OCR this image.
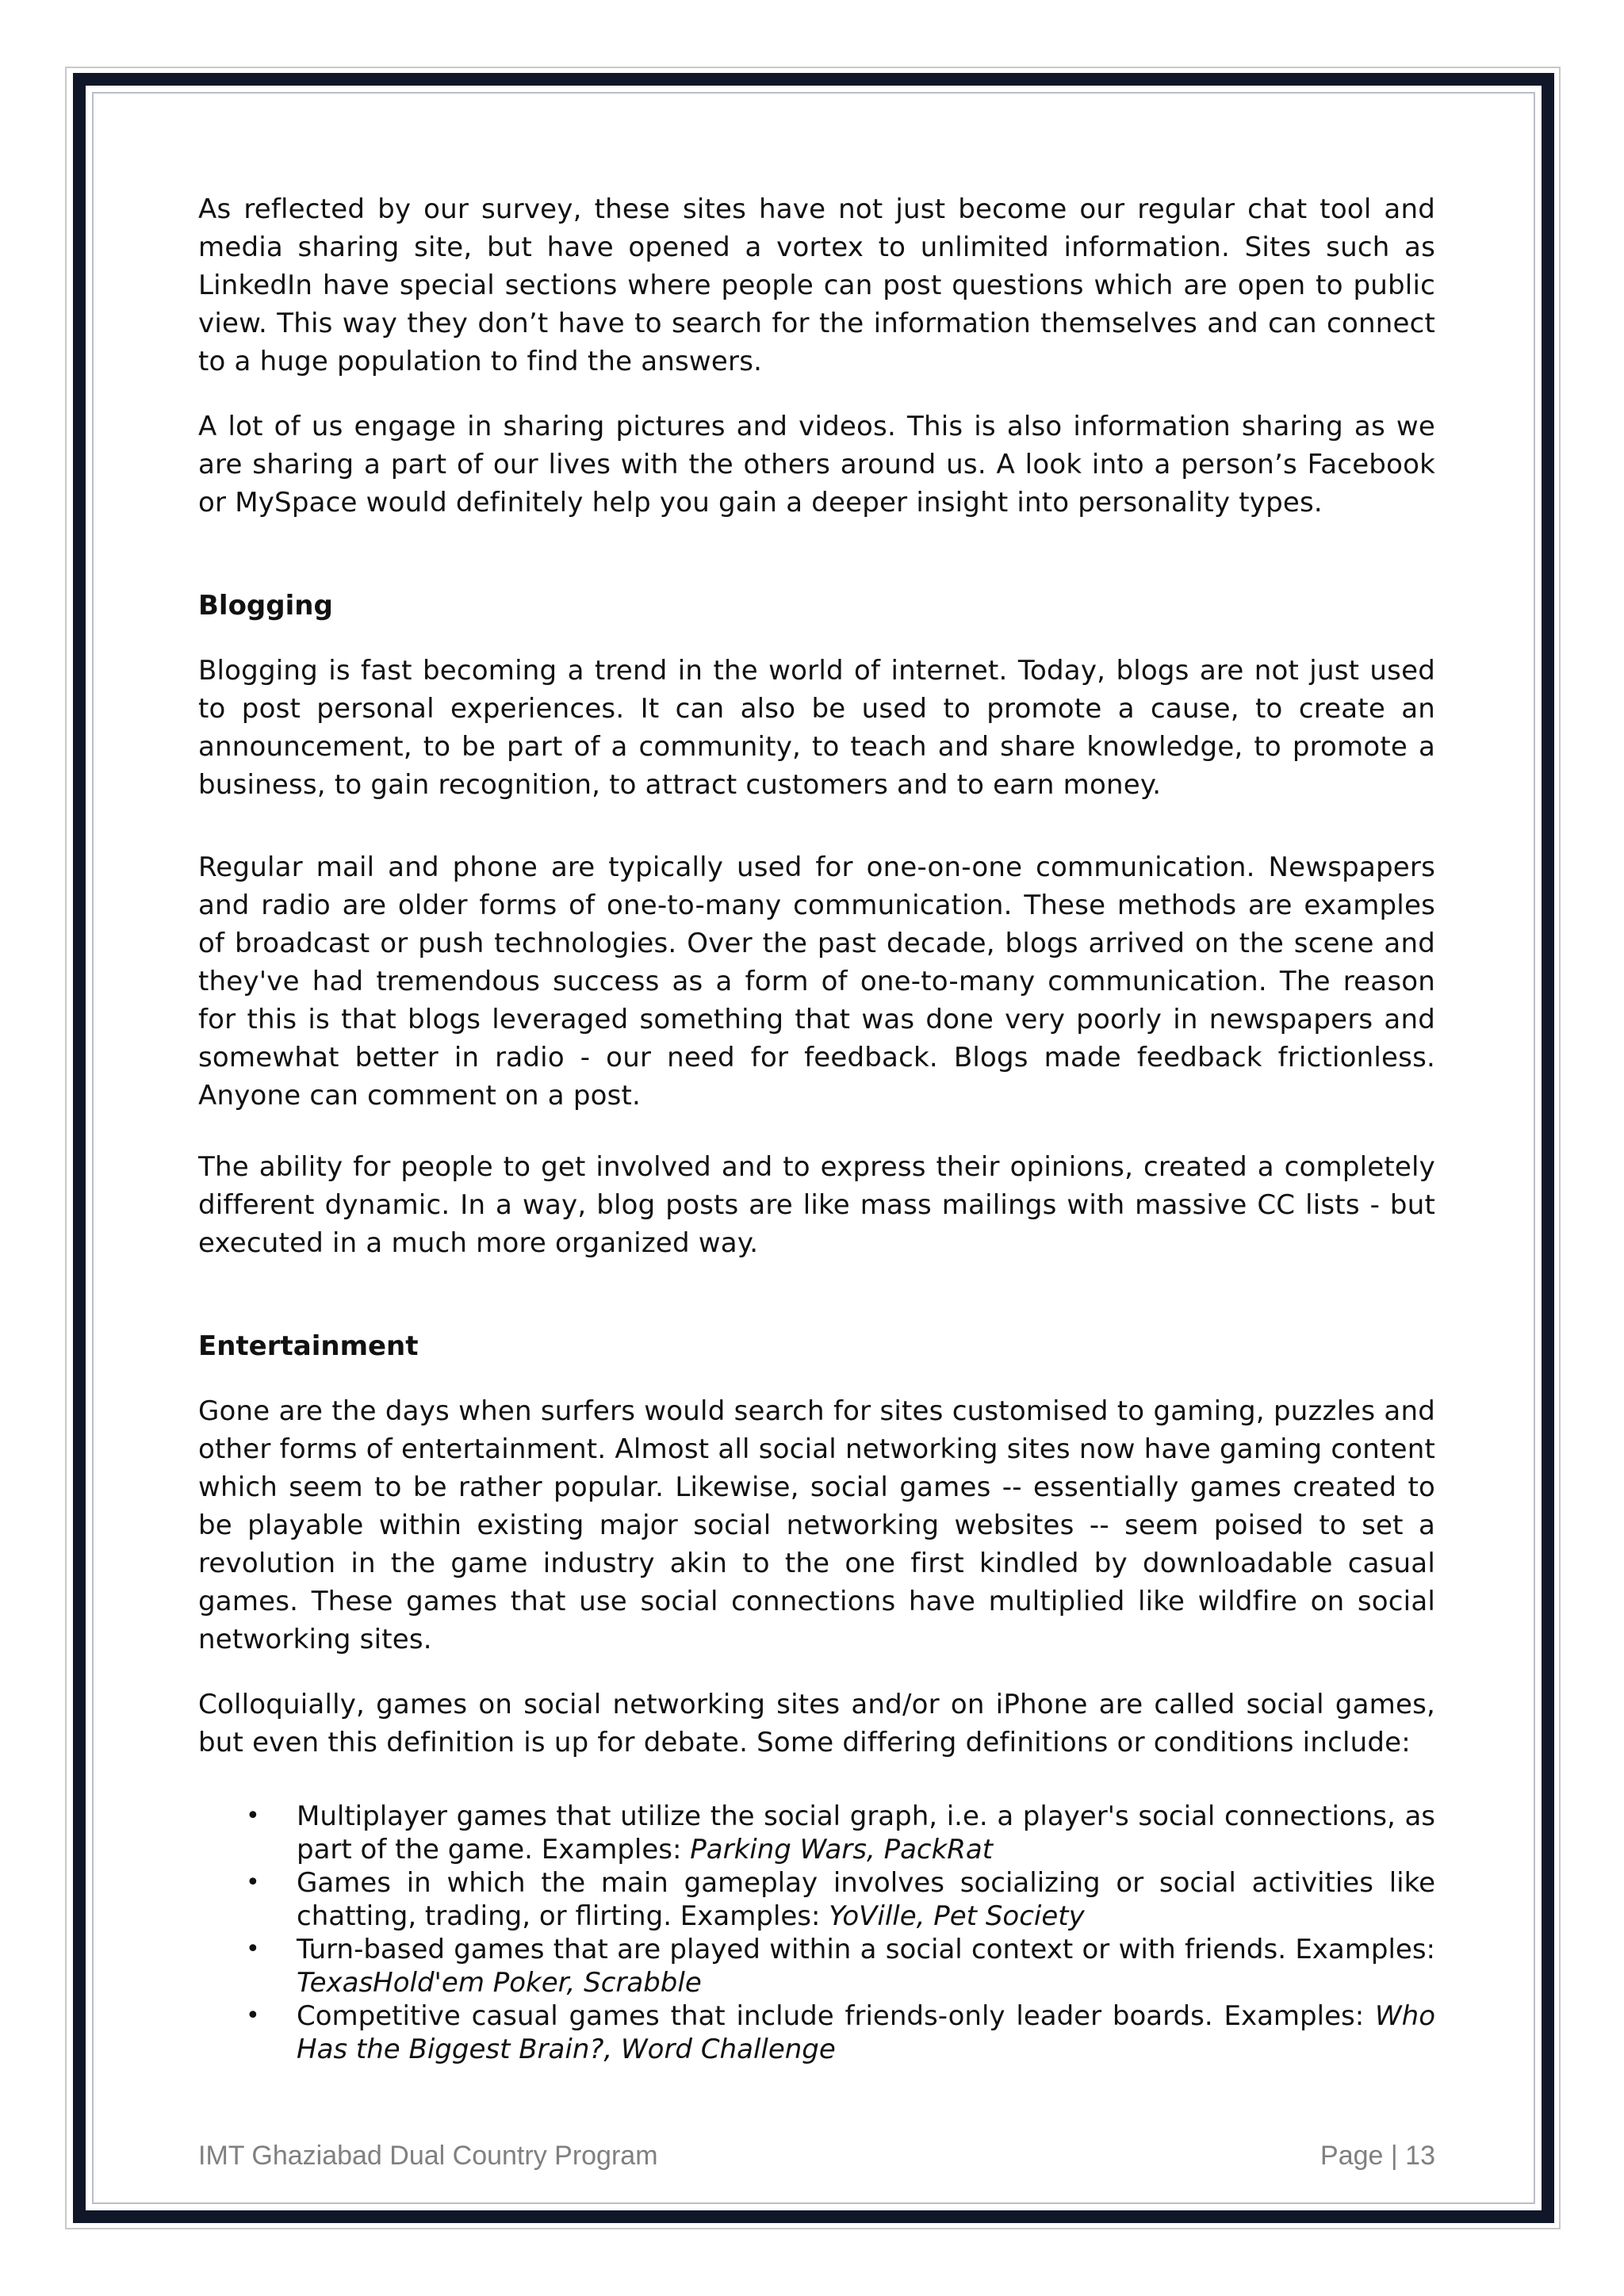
As reflected by our survey, these sites have not just become our regular chat tool and media sharing site, but have opened a vortex to unlimited information. Sites such as LinkedIn have special sections where people can post questions which are open to public view. This way they don’t have to search for the information themselves and can connect to a huge population to find the answers.

A lot of us engage in sharing pictures and videos. This is also information sharing as we are sharing a part of our lives with the others around us. A look into a person’s Facebook or MySpace would definitely help you gain a deeper insight into personality types.

Blogging

Blogging is fast becoming a trend in the world of internet. Today, blogs are not just used to post personal experiences. It can also be used to promote a cause, to create an announcement, to be part of a community, to teach and share knowledge, to promote a business, to gain recognition, to attract customers and to earn money.

Regular mail and phone are typically used for one-on-one communication. Newspapers and radio are older forms of one-to-many communication. These methods are examples of broadcast or push technologies. Over the past decade, blogs arrived on the scene and they've had tremendous success as a form of one-to-many communication. The reason for this is that blogs leveraged something that was done very poorly in newspapers and somewhat better in radio - our need for feedback. Blogs made feedback frictionless. Anyone can comment on a post.

The ability for people to get involved and to express their opinions, created a completely different dynamic. In a way, blog posts are like mass mailings with massive CC lists - but executed in a much more organized way.

Entertainment

Gone are the days when surfers would search for sites customised to gaming, puzzles and other forms of entertainment. Almost all social networking sites now have gaming content which seem to be rather popular. Likewise, social games -- essentially games created to be playable within existing major social networking websites -- seem poised to set a revolution in the game industry akin to the one first kindled by downloadable casual games. These games that use social connections have multiplied like wildfire on social networking sites.

Colloquially, games on social networking sites and/or on iPhone are called social games, but even this definition is up for debate. Some differing definitions or conditions include:

• Multiplayer games that utilize the social graph, i.e. a player's social connections, as part of the game. Examples: Parking Wars, PackRat
• Games in which the main gameplay involves socializing or social activities like chatting, trading, or flirting. Examples: YoVille, Pet Society
• Turn-based games that are played within a social context or with friends. Examples: TexasHold'em Poker, Scrabble
• Competitive casual games that include friends-only leader boards. Examples: Who Has the Biggest Brain?, Word Challenge
IMT Ghaziabad Dual Country Program	Page | 13
